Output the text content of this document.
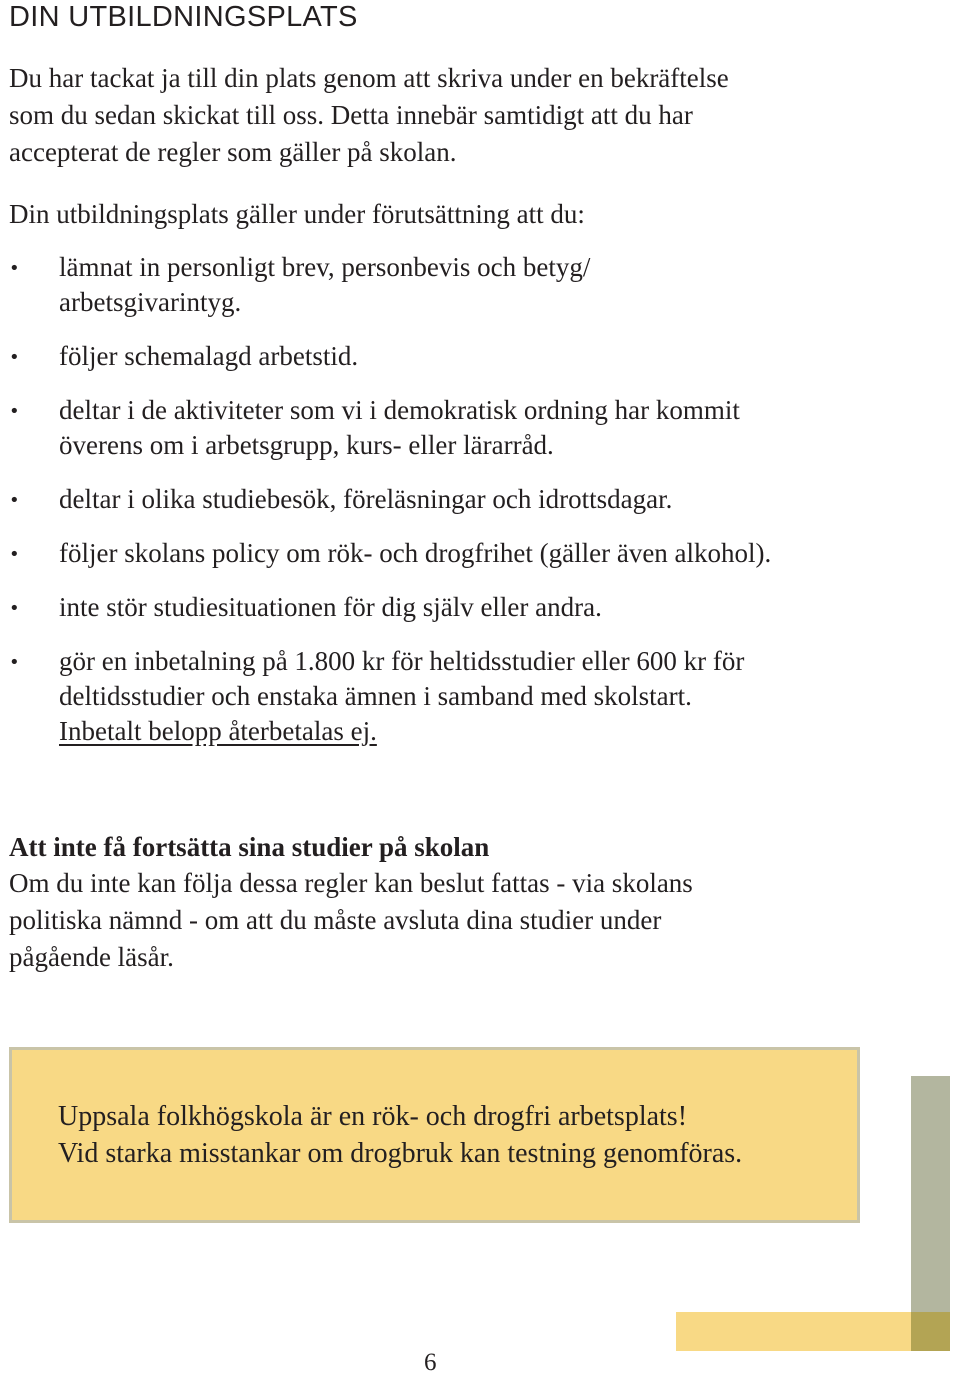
DIN UTBILDNINGSPLATS

Du har tackat ja till din plats genom att skriva under en bekräftelse
som du sedan skickat till oss. Detta innebär samtidigt att du har
accepterat de regler som gäller på skolan.

Din utbildningsplats gäller under förutsättning att du:

• lämnat in personligt brev, personbevis och betyg/
arbetsgivarintyg.
• följer schemalagd arbetstid.
• deltar i de aktiviteter som vi i demokratisk ordning har kommit
överens om i arbetsgrupp, kurs- eller lärarråd.
• deltar i olika studiebesök, föreläsningar och idrottsdagar.
• följer skolans policy om rök- och drogfrihet (gäller även alkohol).
• inte stör studiesituationen för dig själv eller andra.
• gör en inbetalning på 1.800 kr för heltidsstudier eller 600 kr för
deltidsstudier och enstaka ämnen i samband med skolstart.
Inbetalt belopp återbetalas ej.
Att inte få fortsätta sina studier på skolan

Om du inte kan följa dessa regler kan beslut fattas - via skolans
politiska nämnd - om att du måste avsluta dina studier under
pågående läsår.

Uppsala folkhögskola är en rök- och drogfri arbetsplats!
Vid starka misstankar om drogbruk kan testning genomföras.

6
